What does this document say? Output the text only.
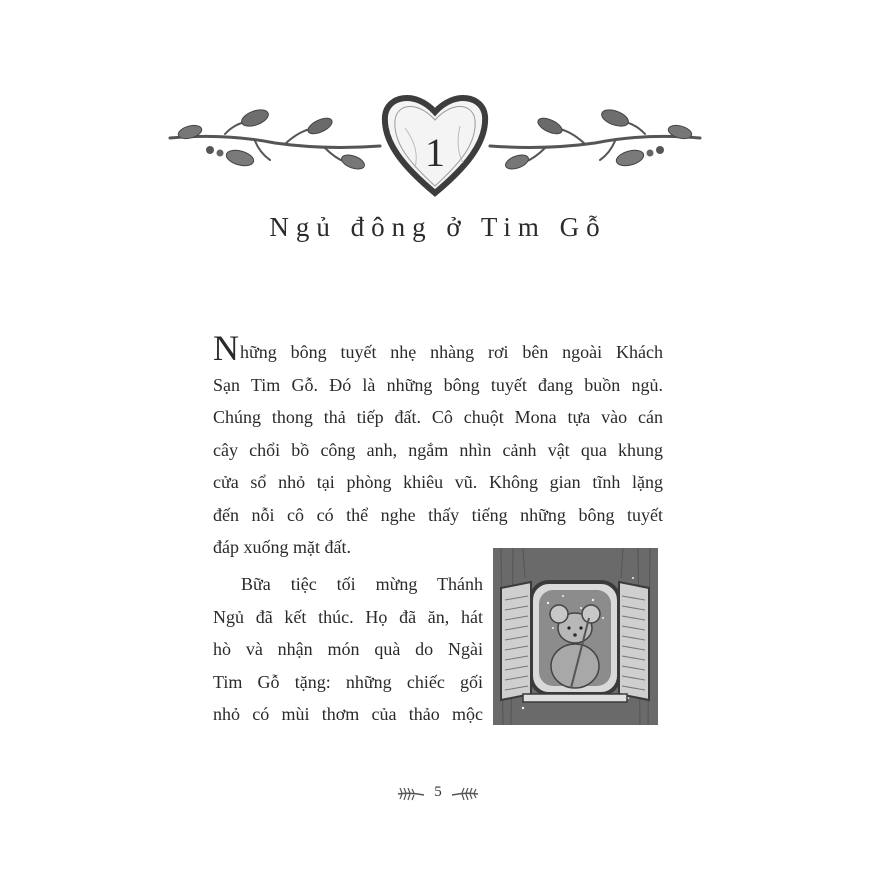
1
Ngủ đông ở Tim Gỗ
Những bông tuyết nhẹ nhàng rơi bên ngoài Khách
Sạn Tim Gỗ. Đó là những bông tuyết đang buồn ngủ.
Chúng thong thả tiếp đất. Cô chuột Mona tựa vào cán
cây chổi bồ công anh, ngắm nhìn cảnh vật qua khung
cửa sổ nhỏ tại phòng khiêu vũ. Không gian tĩnh lặng
đến nỗi cô có thể nghe thấy tiếng những bông tuyết
đáp xuống mặt đất.
Bữa tiệc tối mừng Thánh
Ngủ đã kết thúc. Họ đã ăn, hát
hò và nhận món quà do Ngài
Tim Gỗ tặng: những chiếc gối
nhỏ có mùi thơm của thảo mộc
5
